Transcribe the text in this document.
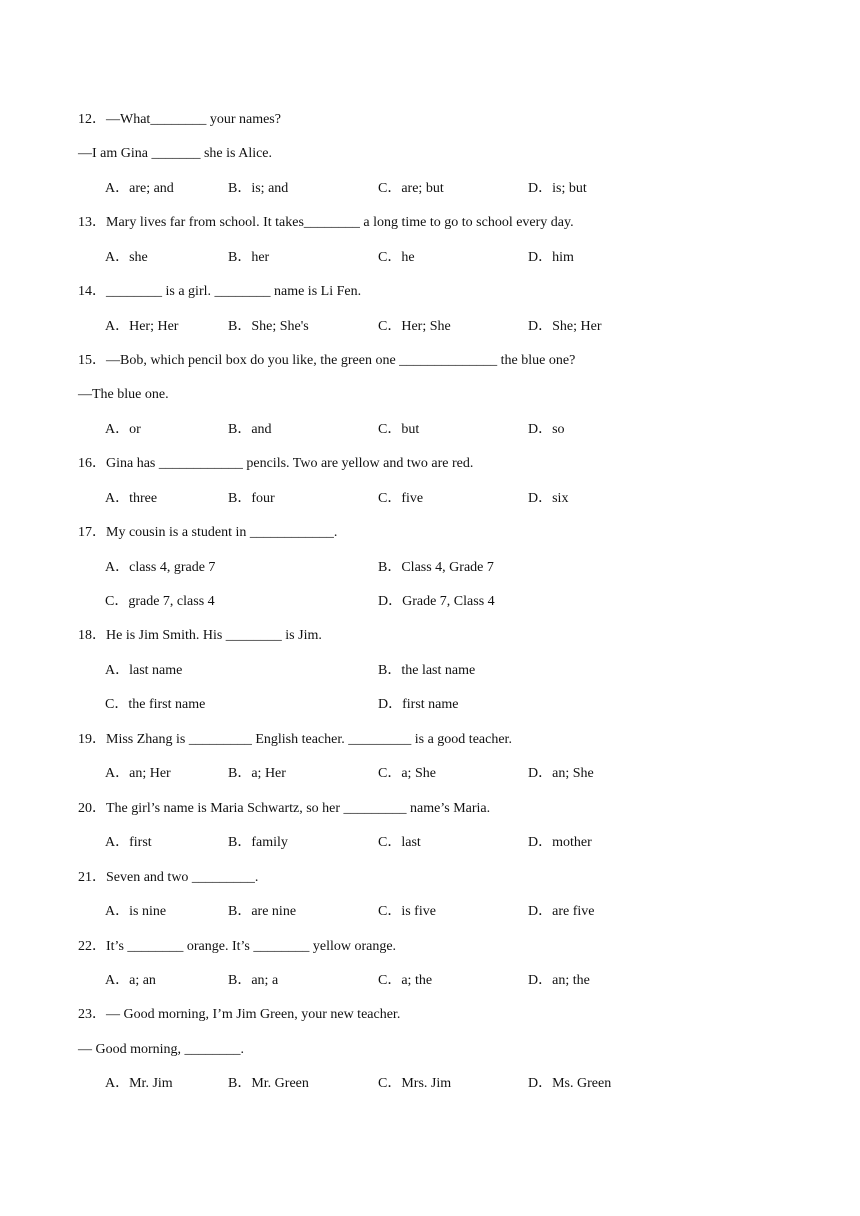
12．—What________ your names?
—I am Gina _______ she is Alice.

A．are; and

	B．is; and

	C．are; but

	D．is; but

13．Mary lives far from school. It takes________ a long time to go to school every day.

A．she

	B．her

	C．he

	D．him

14．________ is a girl. ________ name is Li Fen.

A．Her; Her

	B．She; She's

	C．Her; She

	D．She; Her

15．—Bob, which pencil box do you like, the green one ______________ the blue one?
—The blue one.

A．or

	B．and

	C．but

	D．so

16．Gina has ____________ pencils. Two are yellow and two are red.

A．three

	B．four

	C．five

	D．six

17．My cousin is a student in ____________.

A．class 4, grade 7

	B．Class 4, Grade 7

C．grade 7, class 4

	D．Grade 7, Class 4

18．He is Jim Smith. His ________ is Jim.

A．last name

	B．the last name

C．the first name

	D．first name

19．Miss Zhang is _________ English teacher. _________ is a good teacher.

A．an; Her

	B．a; Her

	C．a; She

	D．an; She

20．The girl’s name is Maria Schwartz, so her _________ name’s Maria.

A．first

	B．family

	C．last

	D．mother

21．Seven and two _________.

A．is nine

	B．are nine

	C．is five

	D．are five

22．It’s ________ orange. It’s ________ yellow orange.

A．a; an

	B．an; a

	C．a; the

	D．an; the

23．— Good morning, I’m Jim Green, your new teacher.
— Good morning, ________.

A．Mr. Jim

	B．Mr. Green

	C．Mrs. Jim

	D．Ms. Green
